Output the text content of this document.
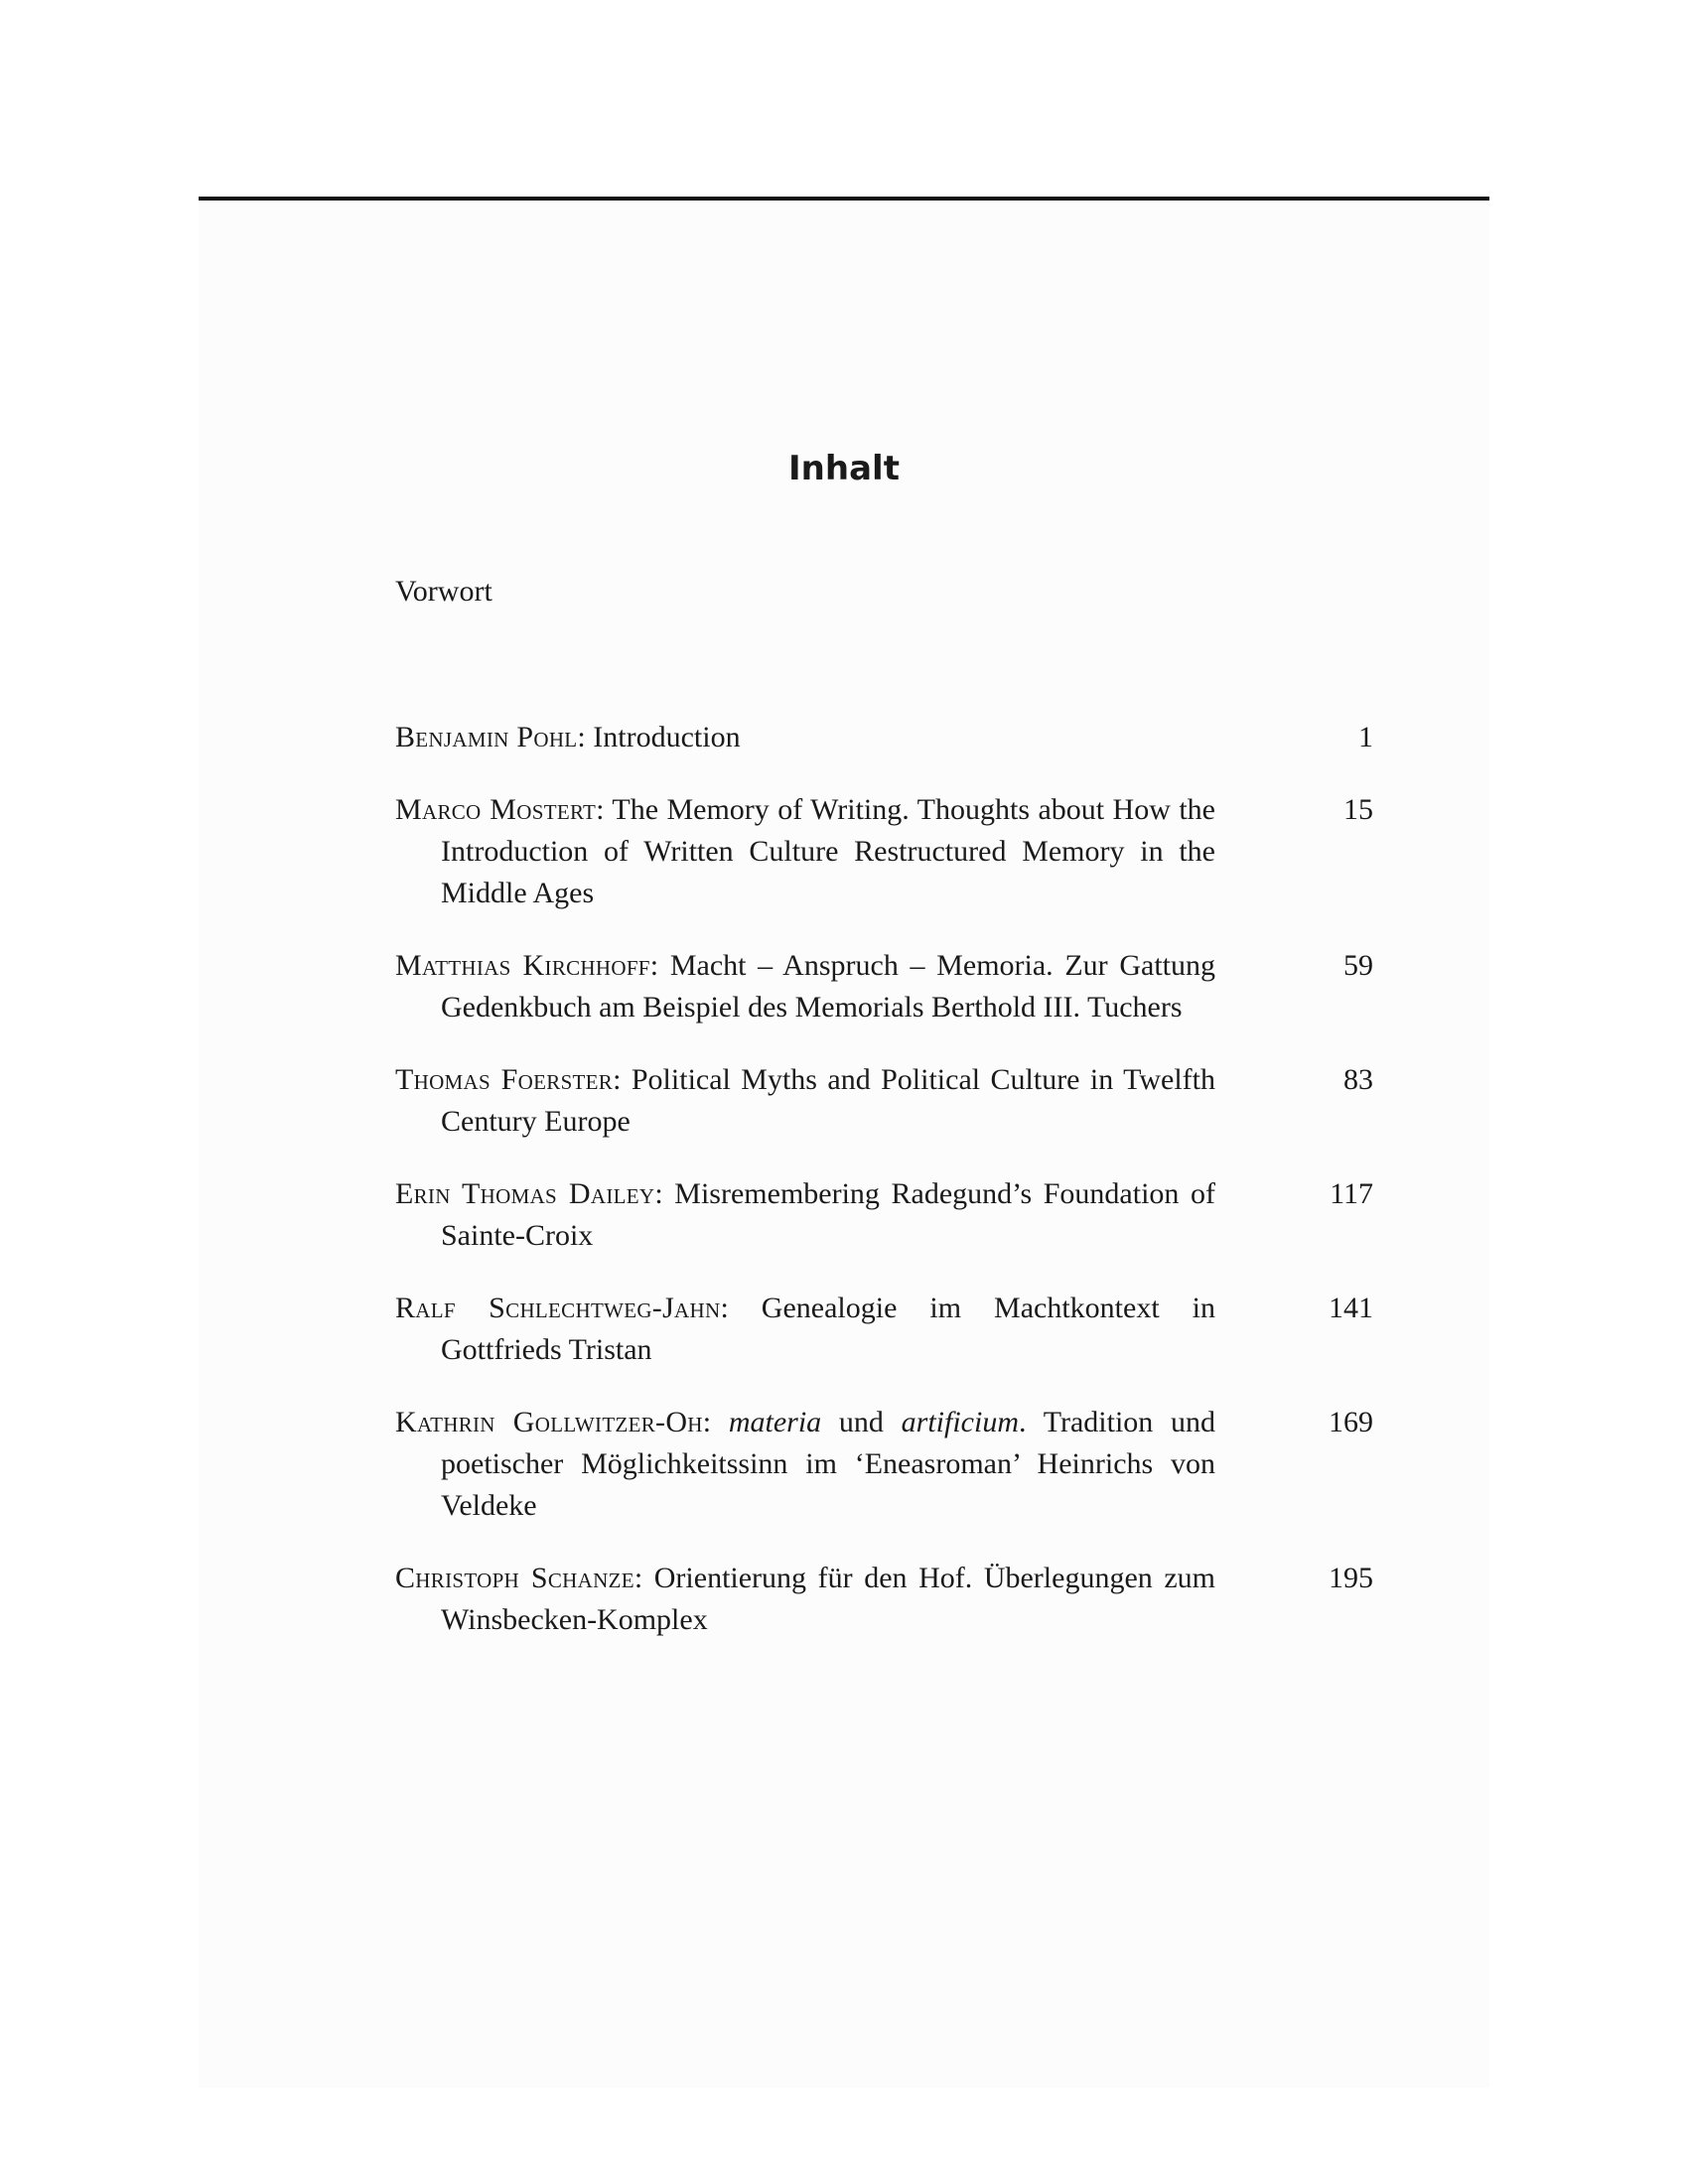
Inhalt
Vorwort
Benjamin Pohl: Introduction	1
Marco Mostert: The Memory of Writing. Thoughts about How the Introduction of Written Culture Restructured Memory in the Middle Ages
15
Matthias Kirchhoff: Macht – Anspruch – Memoria. Zur Gattung Gedenkbuch am Beispiel des Memorials Berthold III. Tuchers
59
Thomas Foerster: Political Myths and Political Culture in Twelfth Century Europe
83
Erin Thomas Dailey: Misremembering Radegund’s Foundation of Sainte-Croix
117
Ralf Schlechtweg-Jahn: Genealogie im Machtkontext in Gottfrieds Tristan
141
Kathrin Gollwitzer-Oh: materia und artificium. Tradition und poetischer Möglichkeitssinn im ‘Eneasroman’ Heinrichs von Veldeke
169
Christoph Schanze: Orientierung für den Hof. Überlegungen zum Winsbecken-Komplex
195
